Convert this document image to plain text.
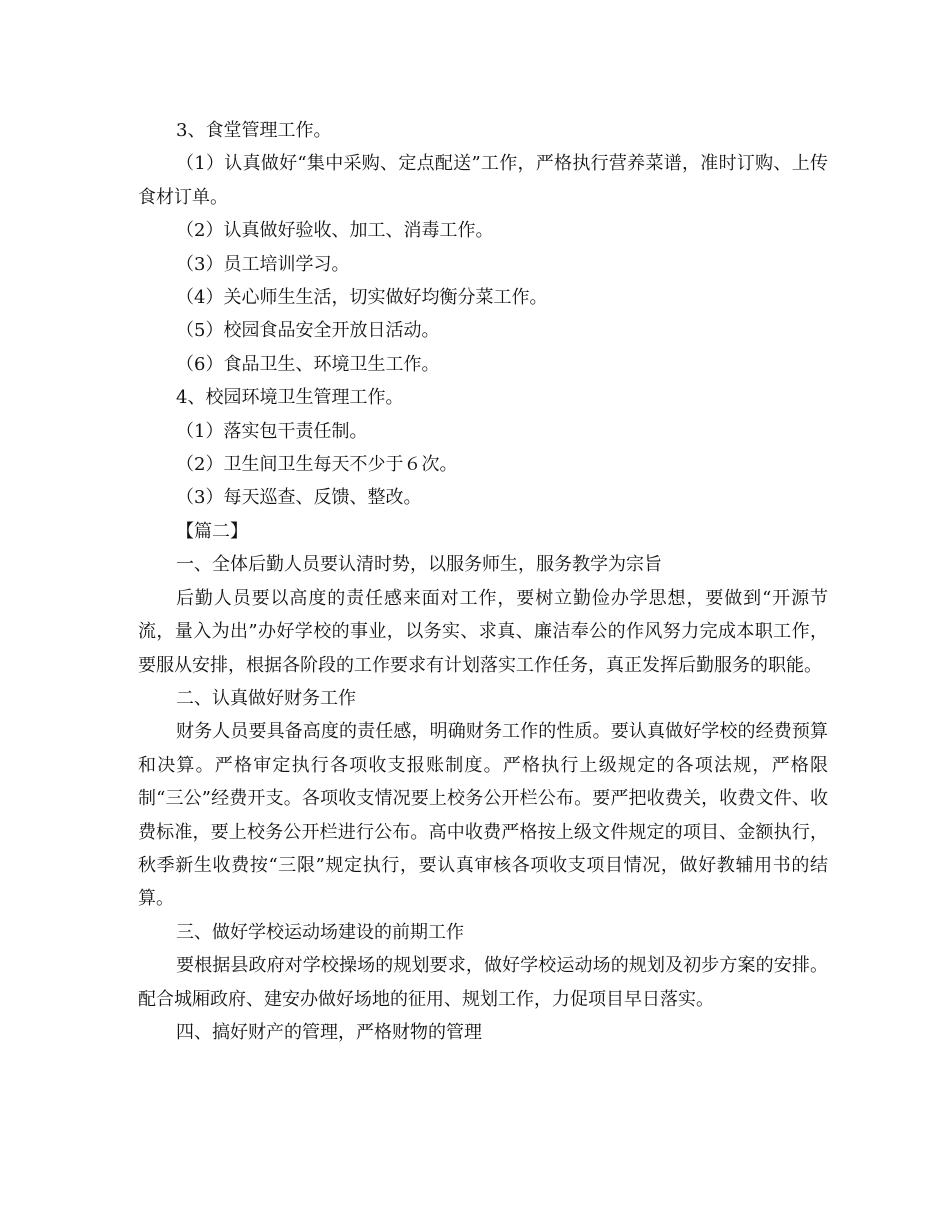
3、食堂管理工作。

（1）认真做好“集中采购、定点配送”工作，严格执行营养菜谱，准时订购、上传食材订单。

（2）认真做好验收、加工、消毒工作。

（3）员工培训学习。

（4）关心师生生活，切实做好均衡分菜工作。

（5）校园食品安全开放日活动。

（6）食品卫生、环境卫生工作。

4、校园环境卫生管理工作。

（1）落实包干责任制。

（2）卫生间卫生每天不少于６次。

（3）每天巡查、反馈、整改。

【篇二】

一、全体后勤人员要认清时势，以服务师生，服务教学为宗旨

后勤人员要以高度的责任感来面对工作，要树立勤俭办学思想，要做到“开源节流，量入为出”办好学校的事业，以务实、求真、廉洁奉公的作风努力完成本职工作，要服从安排，根据各阶段的工作要求有计划落实工作任务，真正发挥后勤服务的职能。

二、认真做好财务工作

财务人员要具备高度的责任感，明确财务工作的性质。要认真做好学校的经费预算和决算。严格审定执行各项收支报账制度。严格执行上级规定的各项法规，严格限制“三公”经费开支。各项收支情况要上校务公开栏公布。要严把收费关，收费文件、收费标准，要上校务公开栏进行公布。高中收费严格按上级文件规定的项目、金额执行，秋季新生收费按“三限”规定执行，要认真审核各项收支项目情况，做好教辅用书的结算。

三、做好学校运动场建设的前期工作

要根据县政府对学校操场的规划要求，做好学校运动场的规划及初步方案的安排。配合城厢政府、建安办做好场地的征用、规划工作，力促项目早日落实。

四、搞好财产的管理，严格财物的管理
